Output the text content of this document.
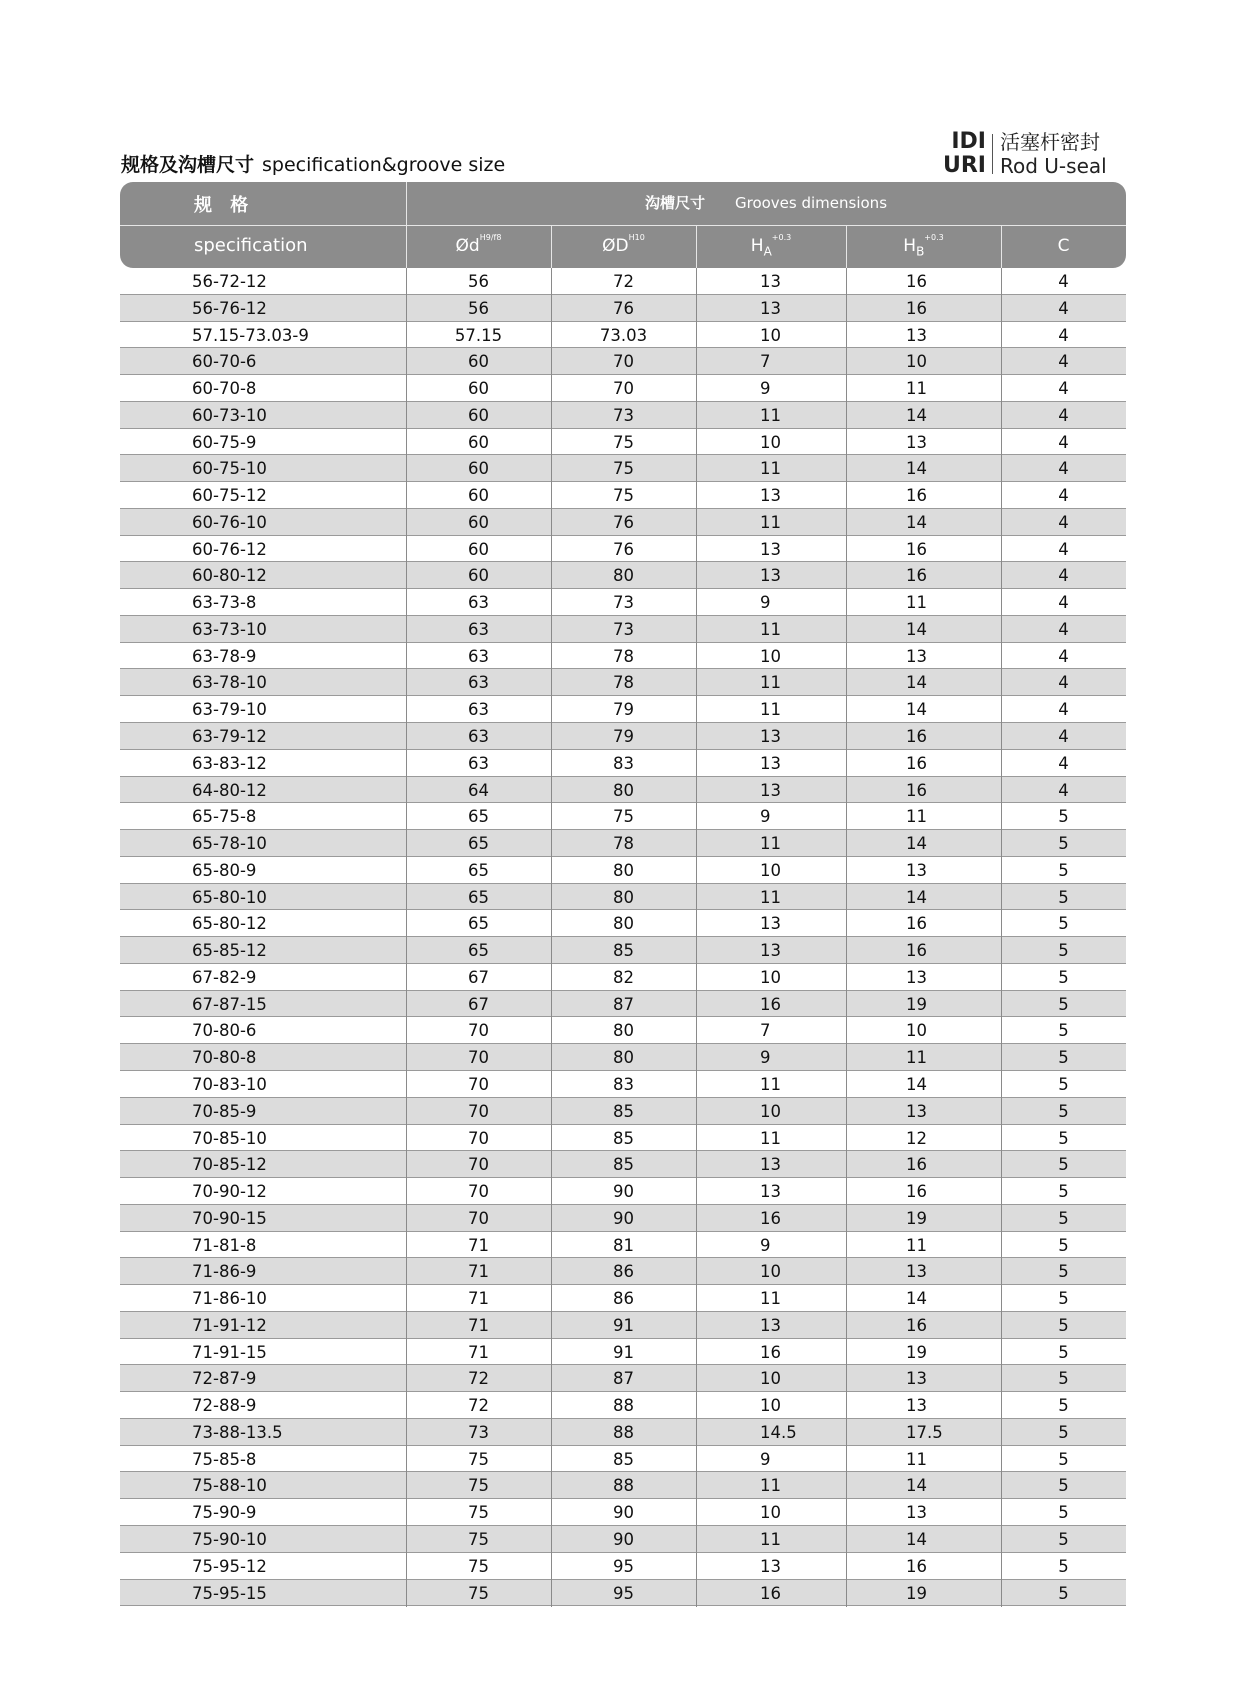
规格及沟槽尺寸 specification&groove size
IDI
URI
活塞杆密封
Rod U-seal
规 格
specification
沟槽尺寸 Grooves dimensions
$Ød^{H9/f8}$	$ØD^{H10}$	$H_A^{+0.3}$	$H_B^{+0.3}$	C
56-72-12	56	72	13	16	4
56-76-12	56	76	13	16	4
57.15-73.03-9	57.15	73.03	10	13	4
60-70-6	60	70	7	10	4
60-70-8	60	70	9	11	4
60-73-10	60	73	11	14	4
60-75-9	60	75	10	13	4
60-75-10	60	75	11	14	4
60-75-12	60	75	13	16	4
60-76-10	60	76	11	14	4
60-76-12	60	76	13	16	4
60-80-12	60	80	13	16	4
63-73-8	63	73	9	11	4
63-73-10	63	73	11	14	4
63-78-9	63	78	10	13	4
63-78-10	63	78	11	14	4
63-79-10	63	79	11	14	4
63-79-12	63	79	13	16	4
63-83-12	63	83	13	16	4
64-80-12	64	80	13	16	4
65-75-8	65	75	9	11	5
65-78-10	65	78	11	14	5
65-80-9	65	80	10	13	5
65-80-10	65	80	11	14	5
65-80-12	65	80	13	16	5
65-85-12	65	85	13	16	5
67-82-9	67	82	10	13	5
67-87-15	67	87	16	19	5
70-80-6	70	80	7	10	5
70-80-8	70	80	9	11	5
70-83-10	70	83	11	14	5
70-85-9	70	85	10	13	5
70-85-10	70	85	11	12	5
70-85-12	70	85	13	16	5
70-90-12	70	90	13	16	5
70-90-15	70	90	16	19	5
71-81-8	71	81	9	11	5
71-86-9	71	86	10	13	5
71-86-10	71	86	11	14	5
71-91-12	71	91	13	16	5
71-91-15	71	91	16	19	5
72-87-9	72	87	10	13	5
72-88-9	72	88	10	13	5
73-88-13.5	73	88	14.5	17.5	5
75-85-8	75	85	9	11	5
75-88-10	75	88	11	14	5
75-90-9	75	90	10	13	5
75-90-10	75	90	11	14	5
75-95-12	75	95	13	16	5
75-95-15	75	95	16	19	5
